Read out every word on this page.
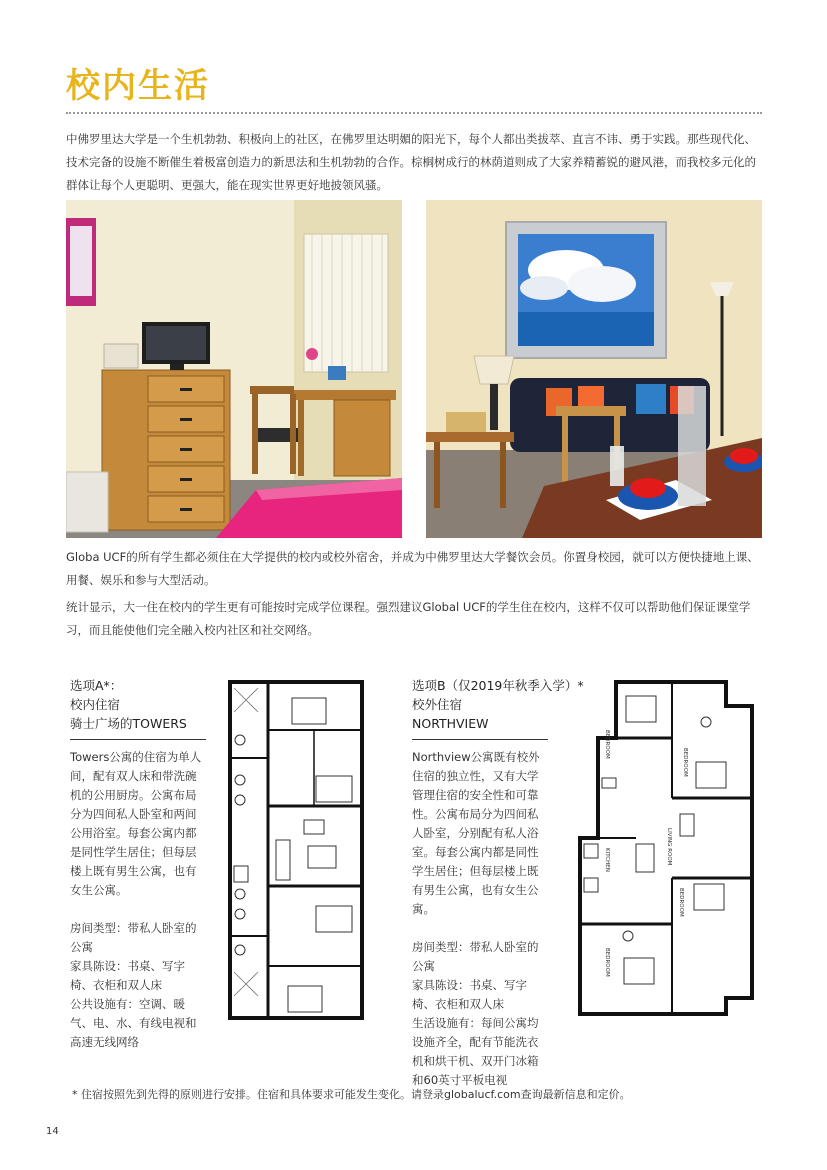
校内生活
中佛罗里达大学是一个生机勃勃、积极向上的社区，在佛罗里达明媚的阳光下，每个人都出类拔萃、直言不讳、勇于实践。那些现代化、技术完备的设施不断催生着极富创造力的新思法和生机勃勃的合作。棕榈树成行的林荫道则成了大家养精蓄锐的避风港，而我校多元化的群体让每个人更聪明、更强大，能在现实世界更好地披领风骚。
Globa UCF的所有学生都必须住在大学提供的校内或校外宿舍，并成为中佛罗里达大学餐饮会员。你置身校园，就可以方便快捷地上课、用餐、娱乐和参与大型活动。
统计显示，大一住在校内的学生更有可能按时完成学位课程。强烈建议Global UCF的学生住在校内，这样不仅可以帮助他们保证课堂学习，而且能使他们完全融入校内社区和社交网络。
选项A*：
校内住宿
骑士广场的TOWERS
Towers公寓的住宿为单人间，配有双人床和带洗碗机的公用厨房。公寓布局分为四间私人卧室和两间公用浴室。每套公寓内都是同性学生居住；但每层楼上既有男生公寓，也有女生公寓。
房间类型：带私人卧室的公寓
家具陈设：书桌、写字椅、衣柜和双人床
公共设施有：空调、暖气、电、水、有线电视和高速无线网络
选项B（仅2019年秋季入学）*
校外住宿
NORTHVIEW
Northview公寓既有校外住宿的独立性，又有大学管理住宿的安全性和可靠性。公寓布局分为四间私人卧室，分别配有私人浴室。每套公寓内都是同性学生居住；但每层楼上既有男生公寓，也有女生公寓。
房间类型：带私人卧室的公寓
家具陈设：书桌、写字椅、衣柜和双人床
生活设施有：每间公寓均设施齐全，配有节能洗衣机和烘干机、双开门冰箱和60英寸平板电视
BEDROOM
BEDROOM
KITCHEN	LIVING ROOM
BEDROOM
BEDROOM
* 住宿按照先到先得的原则进行安排。住宿和具体要求可能发生变化。请登录globalucf.com查询最新信息和定价。
14
